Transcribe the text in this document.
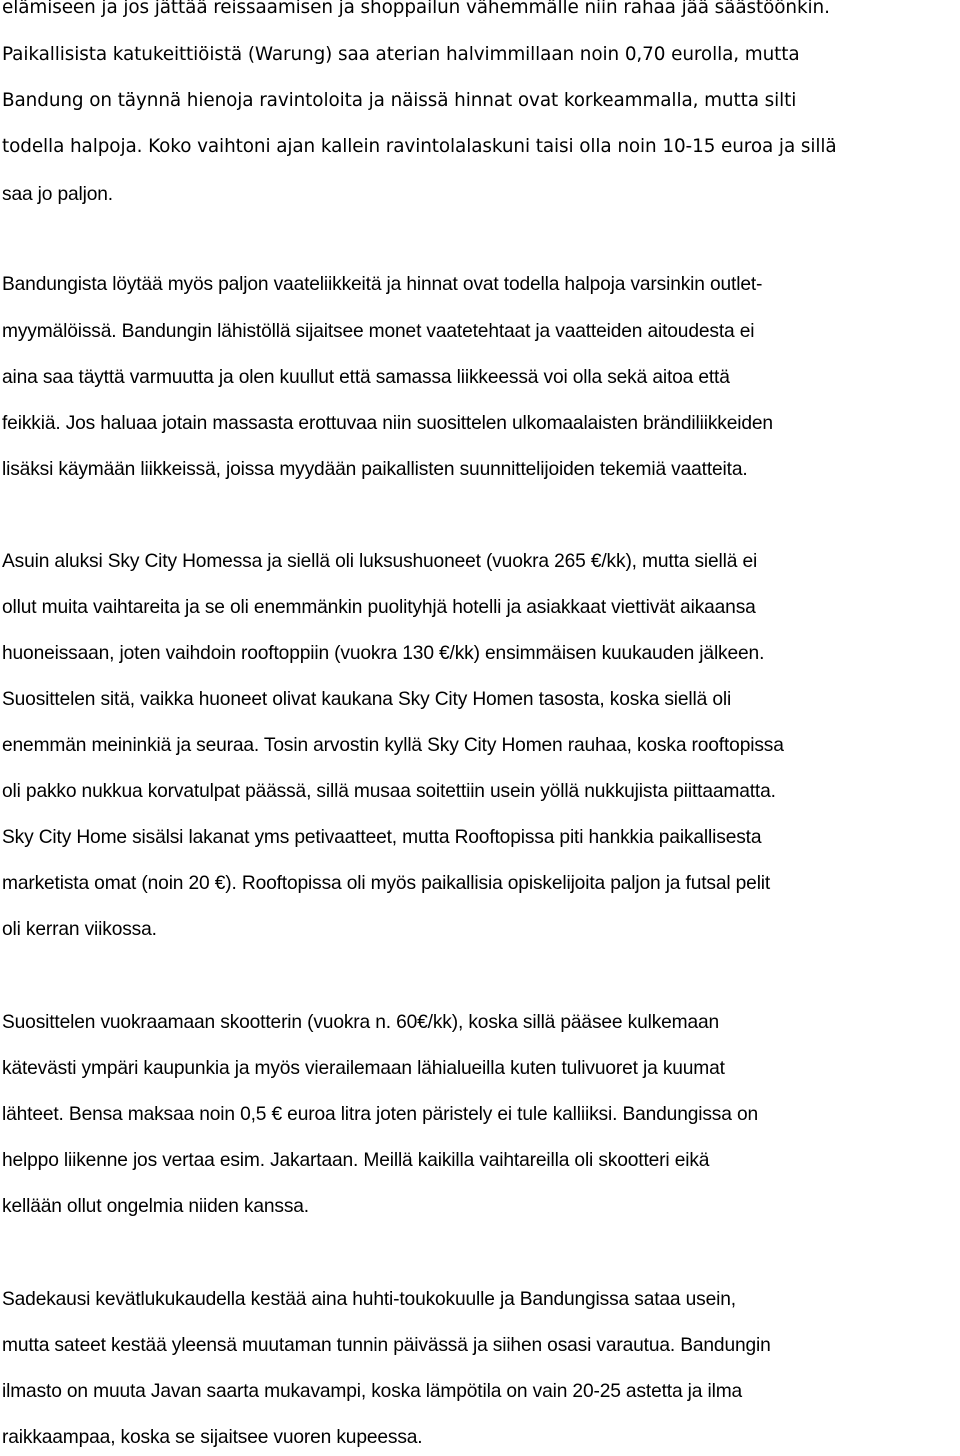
elämiseen ja jos jättää reissaamisen ja shoppailun vähemmälle niin rahaa jää säästöönkin.

Paikallisista katukeittiöistä (Warung) saa aterian halvimmillaan noin 0,70 eurolla, mutta

Bandung on täynnä hienoja ravintoloita ja näissä hinnat ovat korkeammalla, mutta silti

todella halpoja. Koko vaihtoni ajan kallein ravintolalaskuni taisi olla noin 10-15 euroa ja sillä

saa jo paljon.

Bandungista löytää myös paljon vaateliikkeitä ja hinnat ovat todella halpoja varsinkin outlet-

myymälöissä. Bandungin lähistöllä sijaitsee monet vaatetehtaat ja vaatteiden aitoudesta ei

aina saa täyttä varmuutta ja olen kuullut että samassa liikkeessä voi olla sekä aitoa että

feikkiä. Jos haluaa jotain massasta erottuvaa niin suosittelen ulkomaalaisten brändiliikkeiden

lisäksi käymään liikkeissä, joissa myydään paikallisten suunnittelijoiden tekemiä vaatteita.

Asuin aluksi Sky City Homessa ja siellä oli luksushuoneet (vuokra 265 €/kk), mutta siellä ei

ollut muita vaihtareita ja se oli enemmänkin puolityhjä hotelli ja asiakkaat viettivät aikaansa

huoneissaan, joten vaihdoin rooftoppiin (vuokra 130 €/kk) ensimmäisen kuukauden jälkeen.

Suosittelen sitä, vaikka huoneet olivat kaukana Sky City Homen tasosta, koska siellä oli

enemmän meininkiä ja seuraa. Tosin arvostin kyllä Sky City Homen rauhaa, koska rooftopissa

oli pakko nukkua korvatulpat päässä, sillä musaa soitettiin usein yöllä nukkujista piittaamatta.

Sky City Home sisälsi lakanat yms petivaatteet, mutta Rooftopissa piti hankkia paikallisesta

marketista omat (noin 20 €). Rooftopissa oli myös paikallisia opiskelijoita paljon ja futsal pelit

oli kerran viikossa.

Suosittelen vuokraamaan skootterin (vuokra n. 60€/kk), koska sillä pääsee kulkemaan

kätevästi ympäri kaupunkia ja myös vierailemaan lähialueilla kuten tulivuoret ja kuumat

lähteet. Bensa maksaa noin 0,5 € euroa litra joten päristely ei tule kalliiksi. Bandungissa on

helppo liikenne jos vertaa esim. Jakartaan. Meillä kaikilla vaihtareilla oli skootteri eikä

kellään ollut ongelmia niiden kanssa.

Sadekausi kevätlukukaudella kestää aina huhti-toukokuulle ja Bandungissa sataa usein,

mutta sateet kestää yleensä muutaman tunnin päivässä ja siihen osasi varautua. Bandungin

ilmasto on muuta Javan saarta mukavampi, koska lämpötila on vain 20-25 astetta ja ilma

raikkaampaa, koska se sijaitsee vuoren kupeessa.
